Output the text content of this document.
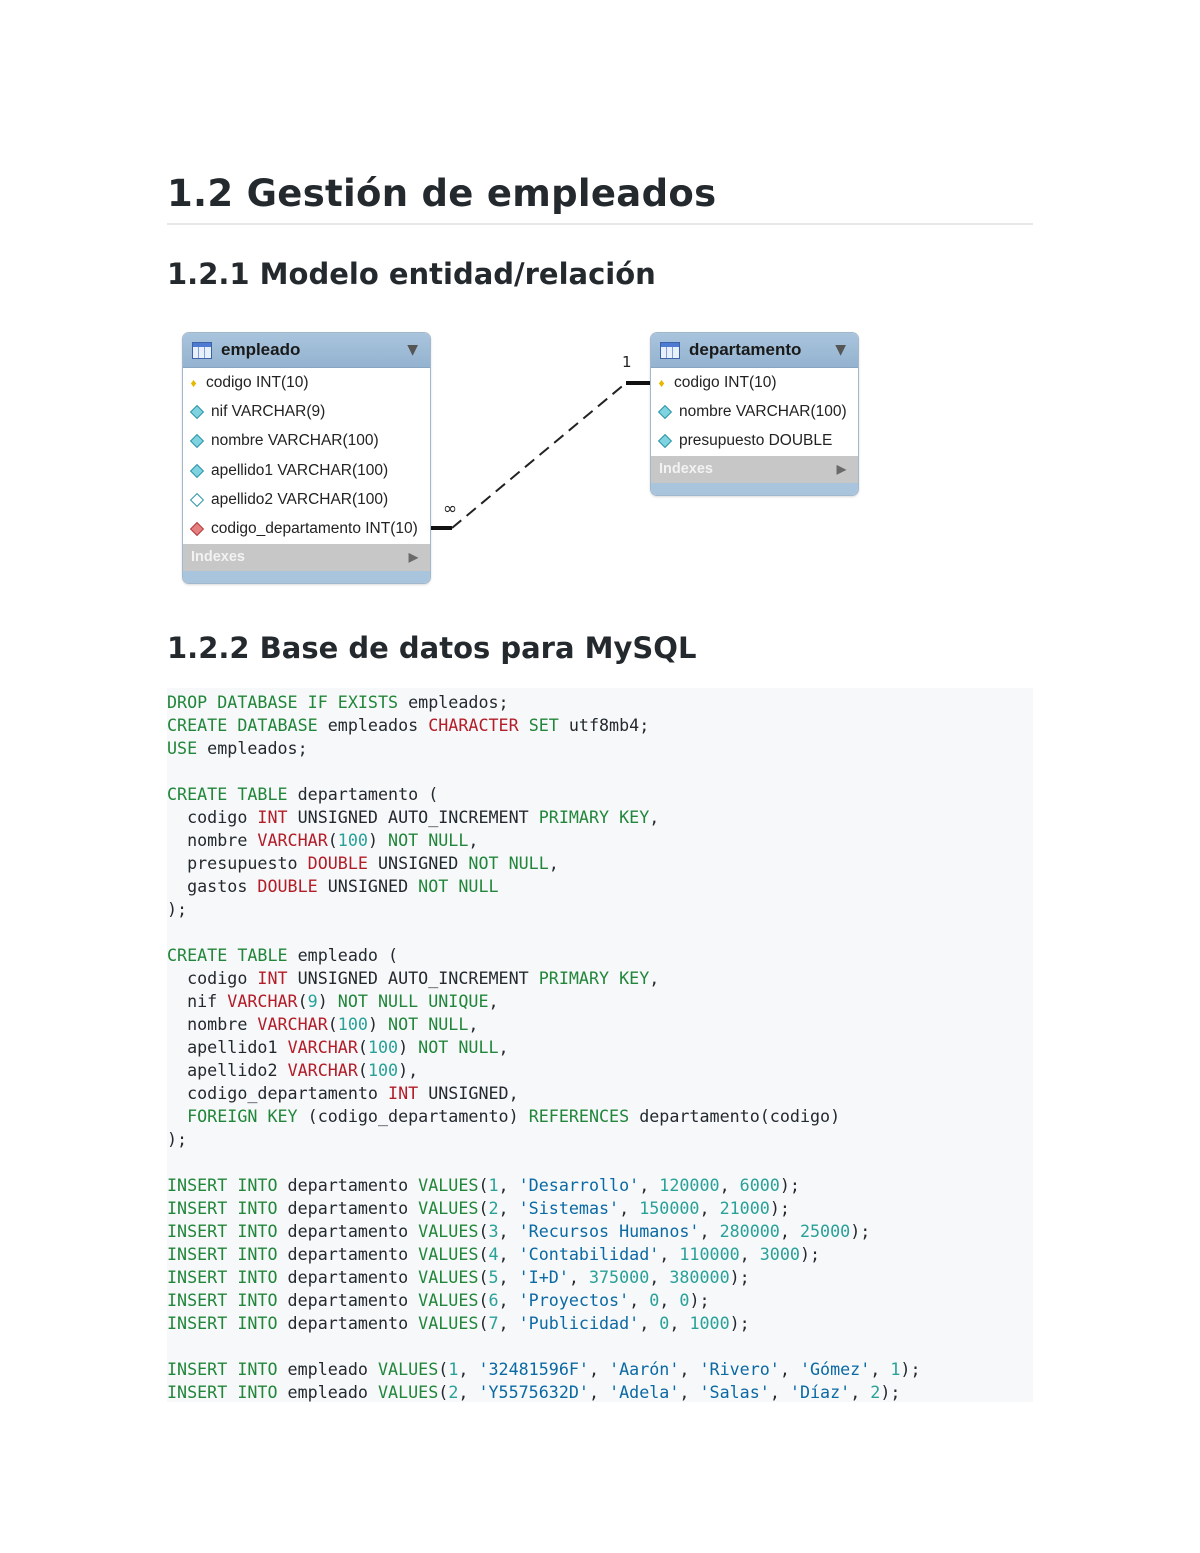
1.2 Gestión de empleados
1.2.1 Modelo entidad/relación
1
∞
empleado	▼
♦ codigo INT(10)
nif VARCHAR(9)
nombre VARCHAR(100)
apellido1 VARCHAR(100)
apellido2 VARCHAR(100)
codigo_departamento INT(10)
Indexes	▶
departamento	▼
♦ codigo INT(10)
nombre VARCHAR(100)
presupuesto DOUBLE
Indexes	▶
1.2.2 Base de datos para MySQL
DROP DATABASE IF EXISTS empleados;
CREATE DATABASE empleados CHARACTER SET utf8mb4;
USE empleados;

CREATE TABLE departamento (
codigo INT UNSIGNED AUTO_INCREMENT PRIMARY KEY,
nombre VARCHAR(100) NOT NULL,
presupuesto DOUBLE UNSIGNED NOT NULL,
gastos DOUBLE UNSIGNED NOT NULL
);

CREATE TABLE empleado (
codigo INT UNSIGNED AUTO_INCREMENT PRIMARY KEY,
nif VARCHAR(9) NOT NULL UNIQUE,
nombre VARCHAR(100) NOT NULL,
apellido1 VARCHAR(100) NOT NULL,
apellido2 VARCHAR(100),
codigo_departamento INT UNSIGNED,
FOREIGN KEY (codigo_departamento) REFERENCES departamento(codigo)
);

INSERT INTO departamento VALUES(1, 'Desarrollo', 120000, 6000);
INSERT INTO departamento VALUES(2, 'Sistemas', 150000, 21000);
INSERT INTO departamento VALUES(3, 'Recursos Humanos', 280000, 25000);
INSERT INTO departamento VALUES(4, 'Contabilidad', 110000, 3000);
INSERT INTO departamento VALUES(5, 'I+D', 375000, 380000);
INSERT INTO departamento VALUES(6, 'Proyectos', 0, 0);
INSERT INTO departamento VALUES(7, 'Publicidad', 0, 1000);

INSERT INTO empleado VALUES(1, '32481596F', 'Aarón', 'Rivero', 'Gómez', 1);
INSERT INTO empleado VALUES(2, 'Y5575632D', 'Adela', 'Salas', 'Díaz', 2);
